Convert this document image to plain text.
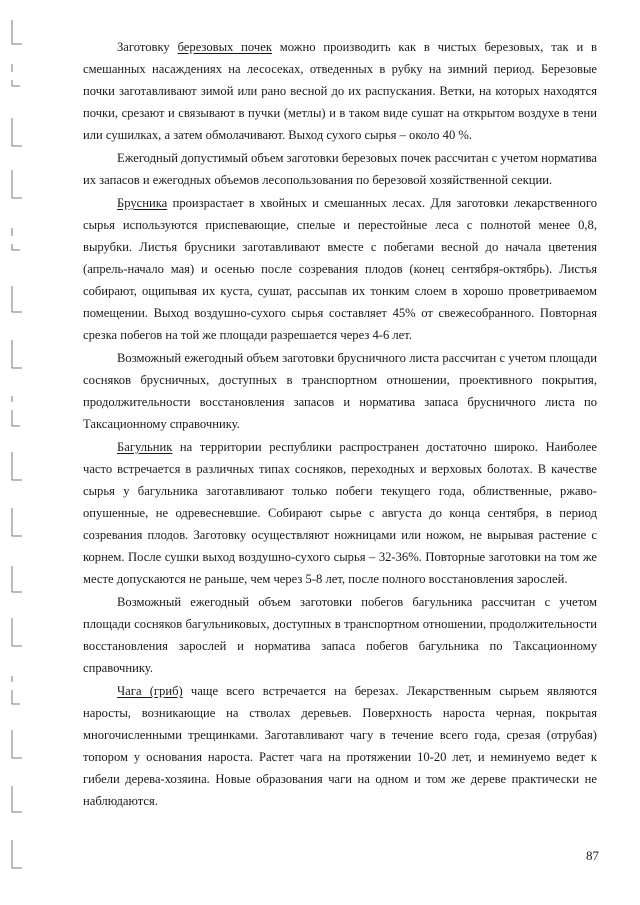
Заготовку березовых почек можно производить как в чистых березовых, так и в смешанных насаждениях на лесосеках, отведенных в рубку на зимний период. Березовые почки заготавливают зимой или рано весной до их распускания. Ветки, на которых находятся почки, срезают и связывают в пучки (метлы) и в таком виде сушат на открытом воздухе в тени или сушилках, а затем обмолачивают. Выход сухого сырья – около 40 %.

Ежегодный допустимый объем заготовки березовых почек рассчитан с учетом норматива их запасов и ежегодных объемов лесопользования по березовой хозяйственной секции.

Брусника произрастает в хвойных и смешанных лесах. Для заготовки лекарственного сырья используются приспевающие, спелые и перестойные леса с полнотой менее 0,8, вырубки. Листья брусники заготавливают вместе с побегами весной до начала цветения (апрель-начало мая) и осенью после созревания плодов (конец сентября-октябрь). Листья собирают, ощипывая их куста, сушат, рассыпав их тонким слоем в хорошо проветриваемом помещении. Выход воздушно-сухого сырья составляет 45% от свежесобранного. Повторная срезка побегов на той же площади разрешается через 4-6 лет.

Возможный ежегодный объем заготовки брусничного листа рассчитан с учетом площади сосняков брусничных, доступных в транспортном отношении, проективного покрытия, продолжительности восстановления запасов и норматива запаса брусничного листа по Таксационному справочнику.

Багульник на территории республики распространен достаточно широко. Наиболее часто встречается в различных типах сосняков, переходных и верховых болотах. В качестве сырья у багульника заготавливают только побеги текущего года, облиственные, ржаво-опушенные, не одревесневшие. Собирают сырье с августа до конца сентября, в период созревания плодов. Заготовку осуществляют ножницами или ножом, не вырывая растение с корнем. После сушки выход воздушно-сухого сырья – 32-36%. Повторные заготовки на том же месте допускаются не раньше, чем через 5-8 лет, после полного восстановления зарослей.

Возможный ежегодный объем заготовки побегов багульника рассчитан с учетом площади сосняков багульниковых, доступных в транспортном отношении, продолжительности восстановления зарослей и норматива запаса побегов багульника по Таксационному справочнику.

Чага (гриб) чаще всего встречается на березах. Лекарственным сырьем являются наросты, возникающие на стволах деревьев. Поверхность нароста черная, покрытая многочисленными трещинками. Заготавливают чагу в течение всего года, срезая (отрубая) топором у основания нароста. Растет чага на протяжении 10-20 лет, и неминуемо ведет к гибели дерева-хозяина. Новые образования чаги на одном и том же дереве практически не наблюдаются.

87
